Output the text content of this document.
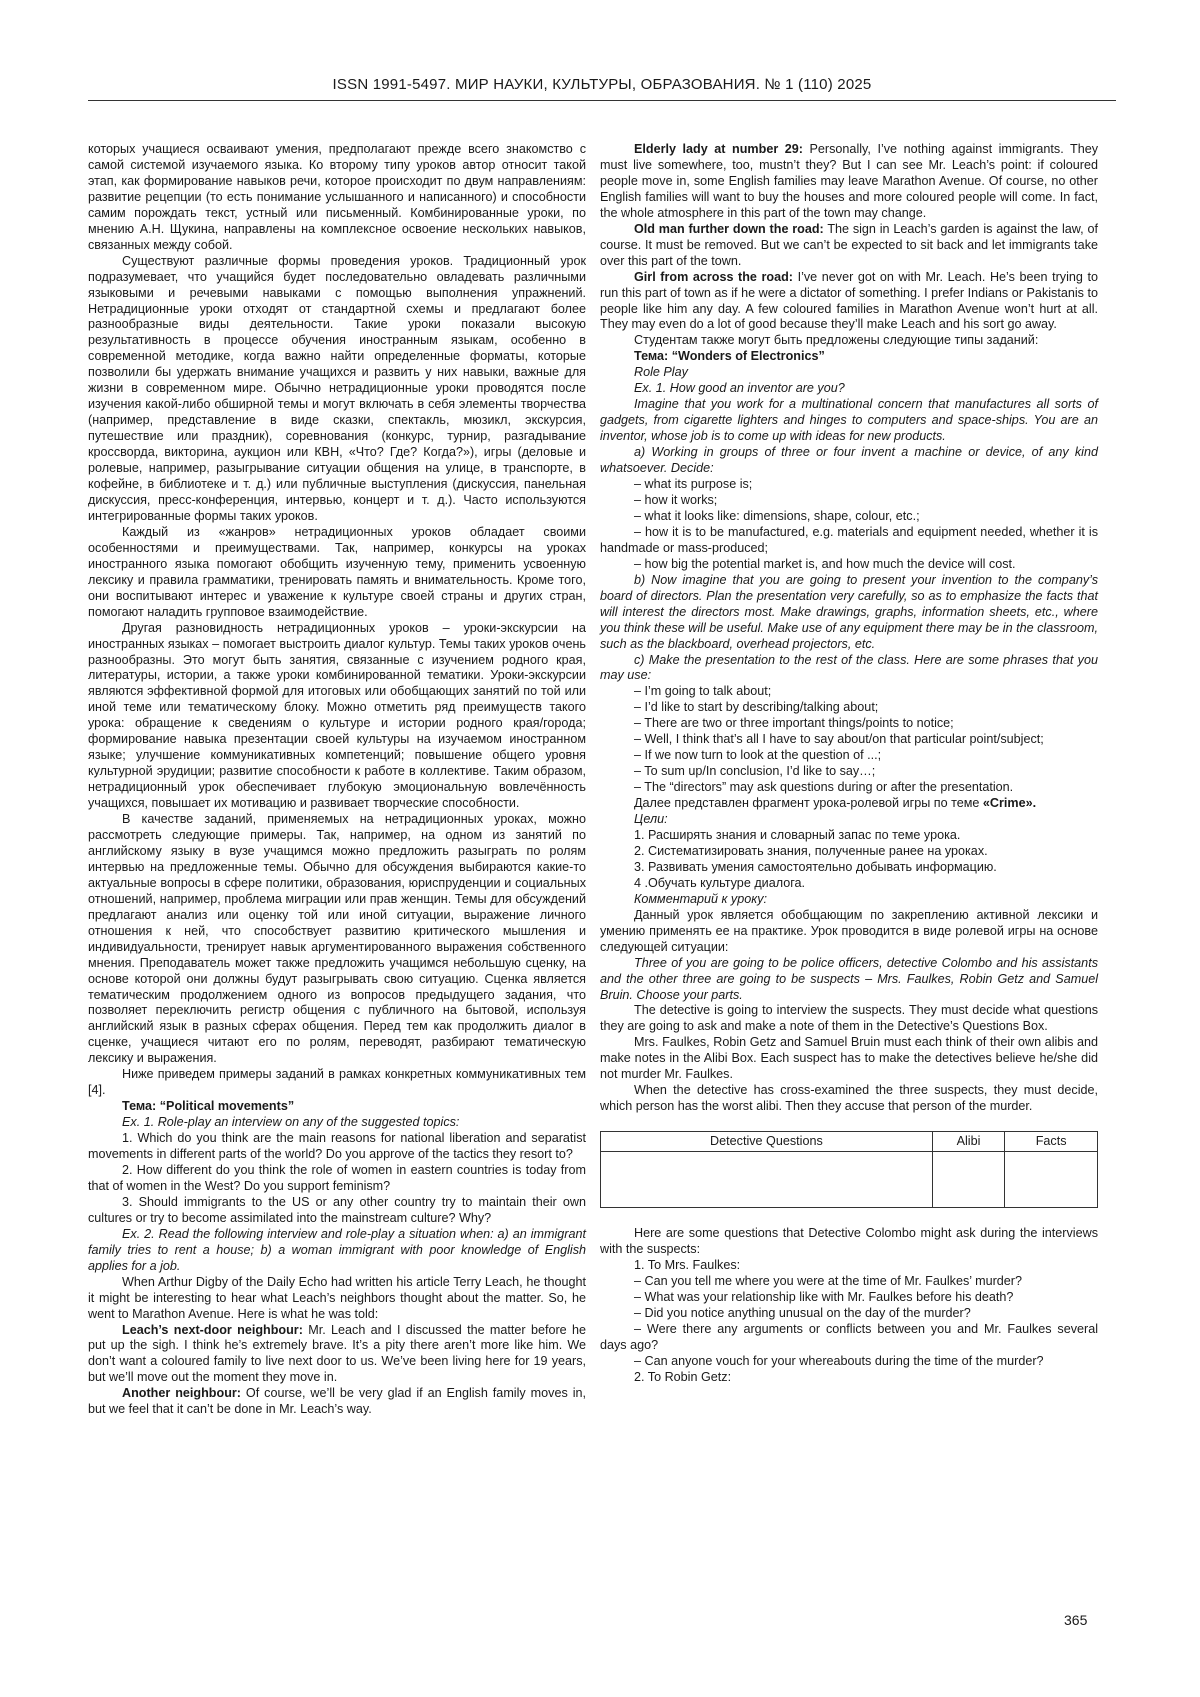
ISSN 1991-5497. МИР НАУКИ, КУЛЬТУРЫ, ОБРАЗОВАНИЯ. № 1 (110) 2025

которых учащиеся осваивают умения, предполагают прежде всего знакомство с самой системой изучаемого языка. Ко второму типу уроков автор относит такой этап, как формирование навыков речи, которое происходит по двум направлениям: развитие рецепции (то есть понимание услышанного и написанного) и способности самим порождать текст, устный или письменный. Комбинированные уроки, по мнению А.Н. Щукина, направлены на комплексное освоение нескольких навыков, связанных между собой.

Существуют различные формы проведения уроков. Традиционный урок подразумевает, что учащийся будет последовательно овладевать различными языковыми и речевыми навыками с помощью выполнения упражнений. Нетрадиционные уроки отходят от стандартной схемы и предлагают более разнообразные виды деятельности. Такие уроки показали высокую результативность в процессе обучения иностранным языкам, особенно в современной методике, когда важно найти определенные форматы, которые позволили бы удержать внимание учащихся и развить у них навыки, важные для жизни в современном мире. Обычно нетрадиционные уроки проводятся после изучения какой-либо обширной темы и могут включать в себя элементы творчества (например, представление в виде сказки, спектакль, мюзикл, экскурсия, путешествие или праздник), соревнования (конкурс, турнир, разгадывание кроссворда, викторина, аукцион или КВН, «Что? Где? Когда?»), игры (деловые и ролевые, например, разыгрывание ситуации общения на улице, в транспорте, в кофейне, в библиотеке и т. д.) или публичные выступления (дискуссия, панельная дискуссия, пресс-конференция, интервью, концерт и т. д.). Часто используются интегрированные формы таких уроков.

Каждый из «жанров» нетрадиционных уроков обладает своими особенностями и преимуществами. Так, например, конкурсы на уроках иностранного языка помогают обобщить изученную тему, применить усвоенную лексику и правила грамматики, тренировать память и внимательность. Кроме того, они воспитывают интерес и уважение к культуре своей страны и других стран, помогают наладить групповое взаимодействие.

Другая разновидность нетрадиционных уроков – уроки-экскурсии на иностранных языках – помогает выстроить диалог культур. Темы таких уроков очень разнообразны. Это могут быть занятия, связанные с изучением родного края, литературы, истории, а также уроки комбинированной тематики. Уроки-экскурсии являются эффективной формой для итоговых или обобщающих занятий по той или иной теме или тематическому блоку. Можно отметить ряд преимуществ такого урока: обращение к сведениям о культуре и истории родного края/города; формирование навыка презентации своей культуры на изучаемом иностранном языке; улучшение коммуникативных компетенций; повышение общего уровня культурной эрудиции; развитие способности к работе в коллективе. Таким образом, нетрадиционный урок обеспечивает глубокую эмоциональную вовлечённость учащихся, повышает их мотивацию и развивает творческие способности.

В качестве заданий, применяемых на нетрадиционных уроках, можно рассмотреть следующие примеры. Так, например, на одном из занятий по английскому языку в вузе учащимся можно предложить разыграть по ролям интервью на предложенные темы. Обычно для обсуждения выбираются какие-то актуальные вопросы в сфере политики, образования, юриспруденции и социальных отношений, например, проблема миграции или прав женщин. Темы для обсуждений предлагают анализ или оценку той или иной ситуации, выражение личного отношения к ней, что способствует развитию критического мышления и индивидуальности, тренирует навык аргументированного выражения собственного мнения. Преподаватель может также предложить учащимся небольшую сценку, на основе которой они должны будут разыгрывать свою ситуацию. Сценка является тематическим продолжением одного из вопросов предыдущего задания, что позволяет переключить регистр общения с публичного на бытовой, используя английский язык в разных сферах общения. Перед тем как продолжить диалог в сценке, учащиеся читают его по ролям, переводят, разбирают тематическую лексику и выражения.

Ниже приведем примеры заданий в рамках конкретных коммуникативных тем [4].

Тема: “Political movements”

Ex. 1. Role-play an interview on any of the suggested topics:

1. Which do you think are the main reasons for national liberation and separatist movements in different parts of the world? Do you approve of the tactics they resort to?

2. How different do you think the role of women in eastern countries is today from that of women in the West? Do you support feminism?

3. Should immigrants to the US or any other country try to maintain their own cultures or try to become assimilated into the mainstream culture? Why?

Ex. 2. Read the following interview and role-play a situation when: a) an immigrant family tries to rent a house; b) a woman immigrant with poor knowledge of English applies for a job.

When Arthur Digby of the Daily Echo had written his article Terry Leach, he thought it might be interesting to hear what Leach’s neighbors thought about the matter. So, he went to Marathon Avenue. Here is what he was told:

Leach’s next-door neighbour: Mr. Leach and I discussed the matter before he put up the sigh. I think he’s extremely brave. It’s a pity there aren’t more like him. We don’t want a coloured family to live next door to us. We’ve been living here for 19 years, but we’ll move out the moment they move in.

Another neighbour: Of course, we’ll be very glad if an English family moves in, but we feel that it can’t be done in Mr. Leach’s way.

Elderly lady at number 29: Personally, I’ve nothing against immigrants. They must live somewhere, too, mustn’t they? But I can see Mr. Leach’s point: if coloured people move in, some English families may leave Marathon Avenue. Of course, no other English families will want to buy the houses and more coloured people will come. In fact, the whole atmosphere in this part of the town may change.

Old man further down the road: The sign in Leach’s garden is against the law, of course. It must be removed. But we can’t be expected to sit back and let immigrants take over this part of the town.

Girl from across the road: I’ve never got on with Mr. Leach. He’s been trying to run this part of town as if he were a dictator of something. I prefer Indians or Pakistanis to people like him any day. A few coloured families in Marathon Avenue won’t hurt at all. They may even do a lot of good because they’ll make Leach and his sort go away.

Студентам также могут быть предложены следующие типы заданий:

Тема: “Wonders of Electronics”

Role Play

Ex. 1. How good an inventor are you?

Imagine that you work for a multinational concern that manufactures all sorts of gadgets, from cigarette lighters and hinges to computers and space-ships. You are an inventor, whose job is to come up with ideas for new products.

a) Working in groups of three or four invent a machine or device, of any kind whatsoever. Decide:

– what its purpose is;

– how it works;

– what it looks like: dimensions, shape, colour, etc.;

– how it is to be manufactured, e.g. materials and equipment needed, whether it is handmade or mass-produced;

– how big the potential market is, and how much the device will cost.

b) Now imagine that you are going to present your invention to the company’s board of directors. Plan the presentation very carefully, so as to emphasize the facts that will interest the directors most. Make drawings, graphs, information sheets, etc., where you think these will be useful. Make use of any equipment there may be in the classroom, such as the blackboard, overhead projectors, etc.

c) Make the presentation to the rest of the class. Here are some phrases that you may use:

– I’m going to talk about;

– I’d like to start by describing/talking about;

– There are two or three important things/points to notice;

– Well, I think that’s all I have to say about/on that particular point/subject;

– If we now turn to look at the question of ...;

– To sum up/In conclusion, I’d like to say…;

– The “directors” may ask questions during or after the presentation.

Далее представлен фрагмент урока-ролевой игры по теме «Crime».

Цели:

1. Расширять знания и словарный запас по теме урока.

2. Систематизировать знания, полученные ранее на уроках.

3. Развивать умения самостоятельно добывать информацию.

4 .Обучать культуре диалога.

Комментарий к уроку:

Данный урок является обобщающим по закреплению активной лексики и умению применять ее на практике. Урок проводится в виде ролевой игры на основе следующей ситуации:

Three of you are going to be police officers, detective Colombo and his assistants and the other three are going to be suspects – Mrs. Faulkes, Robin Getz and Samuel Bruin. Choose your parts.

The detective is going to interview the suspects. They must decide what questions they are going to ask and make a note of them in the Detective’s Questions Box.

Mrs. Faulkes, Robin Getz and Samuel Bruin must each think of their own alibis and make notes in the Alibi Box. Each suspect has to make the detectives believe he/she did not murder Mr. Faulkes.

When the detective has cross-examined the three suspects, they must decide, which person has the worst alibi. Then they accuse that person of the murder.

Detective Questions	Alibi	Facts

Here are some questions that Detective Colombo might ask during the interviews with the suspects:

1. To Mrs. Faulkes:

– Can you tell me where you were at the time of Mr. Faulkes’ murder?

– What was your relationship like with Mr. Faulkes before his death?

– Did you notice anything unusual on the day of the murder?

– Were there any arguments or conflicts between you and Mr. Faulkes several days ago?

– Can anyone vouch for your whereabouts during the time of the murder?

2. To Robin Getz:

365
